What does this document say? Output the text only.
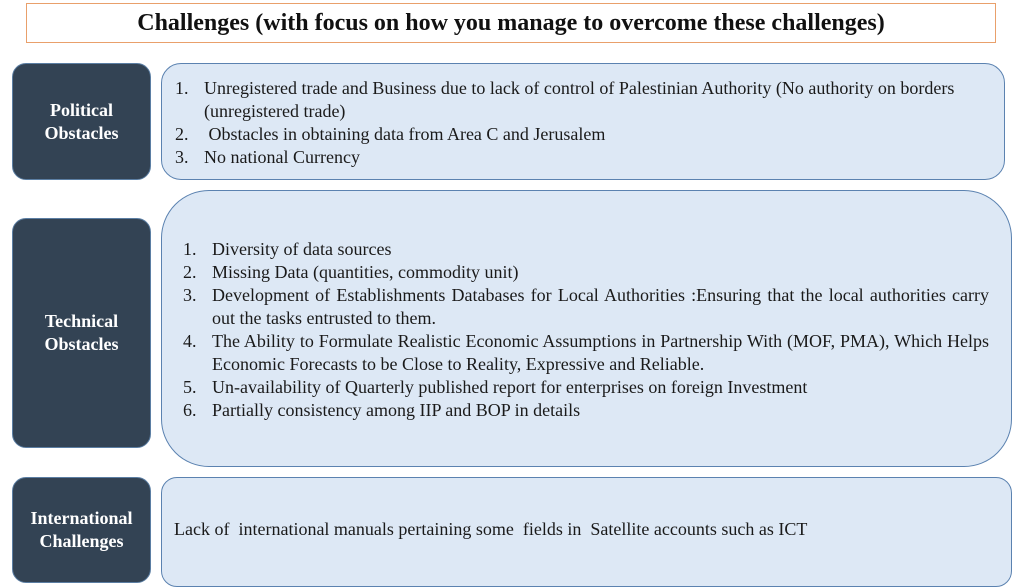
Challenges (with focus on how you manage to overcome these challenges)
Political Obstacles
1. Unregistered trade and Business due to lack of control of Palestinian Authority (No authority on borders (unregistered trade)
2. Obstacles in obtaining data from Area C and Jerusalem
3. No national Currency
Technical Obstacles
1. Diversity of data sources
2. Missing Data (quantities, commodity unit)
3. Development of Establishments Databases for Local Authorities :Ensuring that the local authorities carry out the tasks entrusted to them.
4. The Ability to Formulate Realistic Economic Assumptions in Partnership With (MOF, PMA), Which Helps Economic Forecasts to be Close to Reality, Expressive and Reliable.
5. Un-availability of Quarterly published report for enterprises on foreign Investment
6. Partially consistency among IIP and BOP in details
International Challenges
Lack of  international manuals pertaining some  fields in  Satellite accounts such as ICT
